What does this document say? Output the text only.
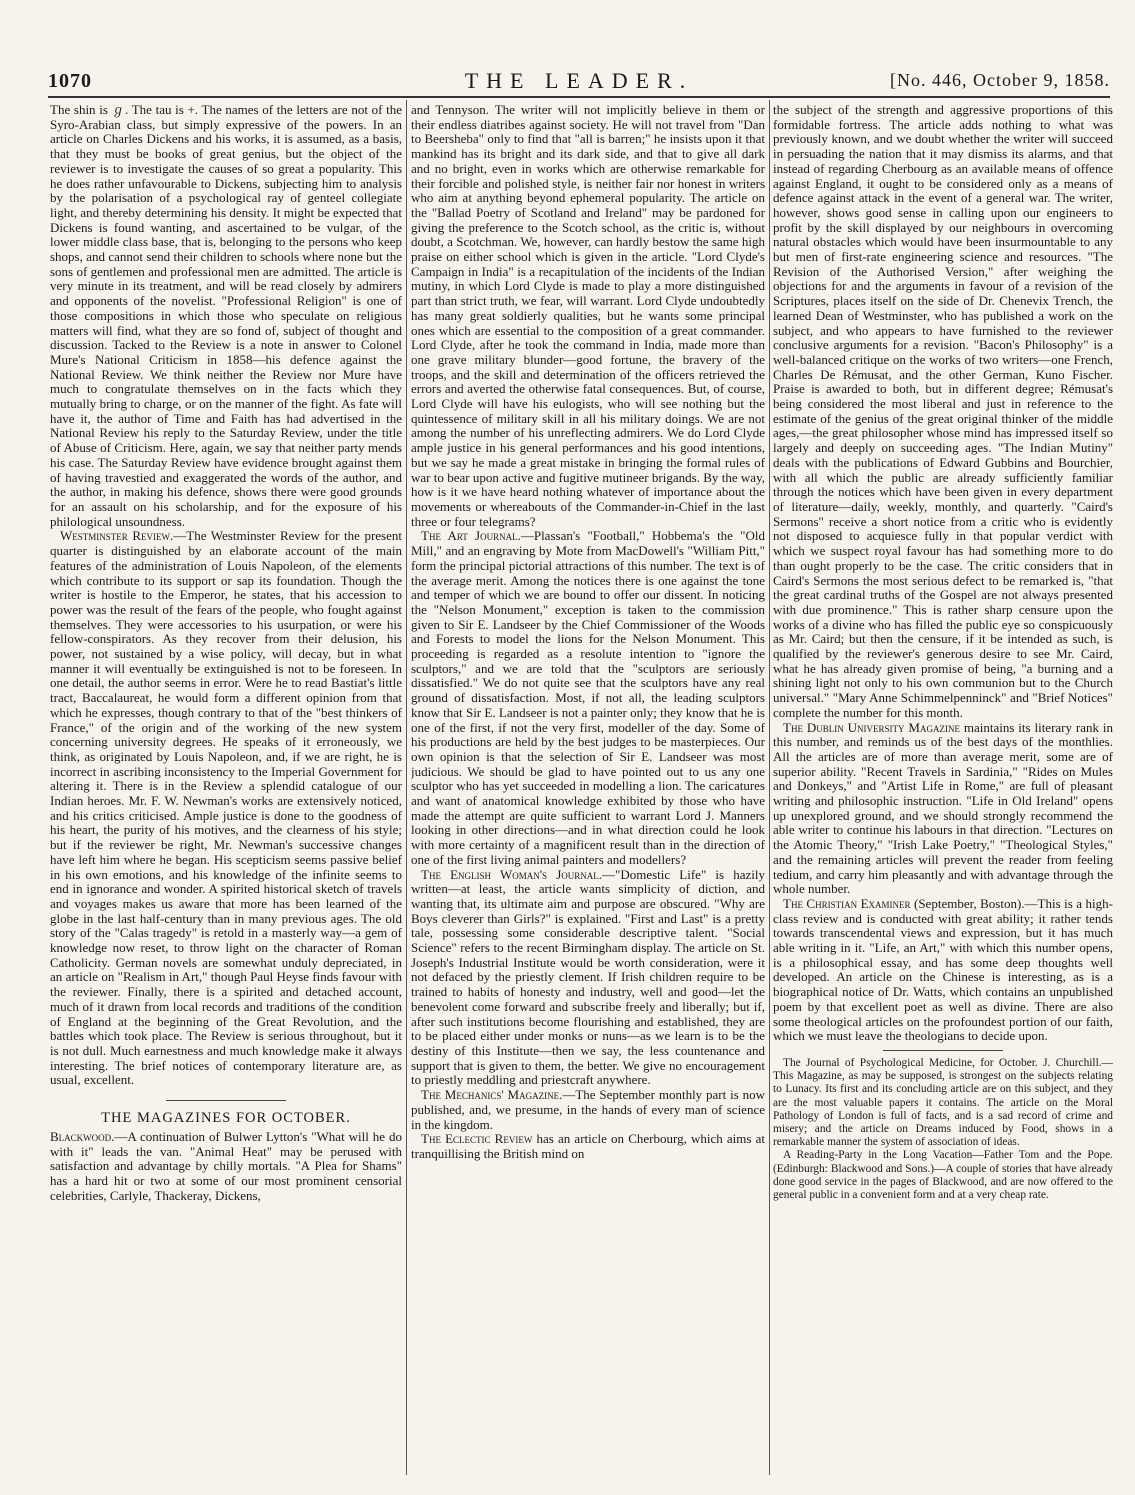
1070	THE LEADER.	[No. 446, October 9, 1858.

The shin is ℊ. The tau is +. The names of the letters are not of the Syro-Arabian class, but simply expressive of the powers. In an article on Charles Dickens and his works, it is assumed, as a basis, that they must be books of great genius, but the object of the reviewer is to investigate the causes of so great a popularity. This he does rather unfavourable to Dickens, subjecting him to analysis by the polarisation of a psychological ray of genteel collegiate light, and thereby determining his density. It might be expected that Dickens is found wanting, and ascertained to be vulgar, of the lower middle class base, that is, belonging to the persons who keep shops, and cannot send their children to schools where none but the sons of gentlemen and professional men are admitted. The article is very minute in its treatment, and will be read closely by admirers and opponents of the novelist. "Professional Religion" is one of those compositions in which those who speculate on religious matters will find, what they are so fond of, subject of thought and discussion. Tacked to the Review is a note in answer to Colonel Mure's National Criticism in 1858—his defence against the National Review. We think neither the Review nor Mure have much to congratulate themselves on in the facts which they mutually bring to charge, or on the manner of the fight. As fate will have it, the author of Time and Faith has had advertised in the National Review his reply to the Saturday Review, under the title of Abuse of Criticism. Here, again, we say that neither party mends his case. The Saturday Review have evidence brought against them of having travestied and exaggerated the words of the author, and the author, in making his defence, shows there were good grounds for an assault on his scholarship, and for the exposure of his philological unsoundness.

Westminster Review.—The Westminster Review for the present quarter is distinguished by an elaborate account of the main features of the administration of Louis Napoleon, of the elements which contribute to its support or sap its foundation. Though the writer is hostile to the Emperor, he states, that his accession to power was the result of the fears of the people, who fought against themselves. They were accessories to his usurpation, or were his fellow-conspirators. As they recover from their delusion, his power, not sustained by a wise policy, will decay, but in what manner it will eventually be extinguished is not to be foreseen. In one detail, the author seems in error. Were he to read Bastiat's little tract, Baccalaureat, he would form a different opinion from that which he expresses, though contrary to that of the "best thinkers of France," of the origin and of the working of the new system concerning university degrees. He speaks of it erroneously, we think, as originated by Louis Napoleon, and, if we are right, he is incorrect in ascribing inconsistency to the Imperial Government for altering it. There is in the Review a splendid catalogue of our Indian heroes. Mr. F. W. Newman's works are extensively noticed, and his critics criticised. Ample justice is done to the goodness of his heart, the purity of his motives, and the clearness of his style; but if the reviewer be right, Mr. Newman's successive changes have left him where he began. His scepticism seems passive belief in his own emotions, and his knowledge of the infinite seems to end in ignorance and wonder. A spirited historical sketch of travels and voyages makes us aware that more has been learned of the globe in the last half-century than in many previous ages. The old story of the "Calas tragedy" is retold in a masterly way—a gem of knowledge now reset, to throw light on the character of Roman Catholicity. German novels are somewhat unduly depreciated, in an article on "Realism in Art," though Paul Heyse finds favour with the reviewer. Finally, there is a spirited and detached account, much of it drawn from local records and traditions of the condition of England at the beginning of the Great Revolution, and the battles which took place. The Review is serious throughout, but it is not dull. Much earnestness and much knowledge make it always interesting. The brief notices of contemporary literature are, as usual, excellent.

THE MAGAZINES FOR OCTOBER.

Blackwood.—A continuation of Bulwer Lytton's "What will he do with it" leads the van. "Animal Heat" may be perused with satisfaction and advantage by chilly mortals. "A Plea for Shams" has a hard hit or two at some of our most prominent censorial celebrities, Carlyle, Thackeray, Dickens,

and Tennyson. The writer will not implicitly believe in them or their endless diatribes against society. He will not travel from "Dan to Beersheba" only to find that "all is barren;" he insists upon it that mankind has its bright and its dark side, and that to give all dark and no bright, even in works which are otherwise remarkable for their forcible and polished style, is neither fair nor honest in writers who aim at anything beyond ephemeral popularity. The article on the "Ballad Poetry of Scotland and Ireland" may be pardoned for giving the preference to the Scotch school, as the critic is, without doubt, a Scotchman. We, however, can hardly bestow the same high praise on either school which is given in the article. "Lord Clyde's Campaign in India" is a recapitulation of the incidents of the Indian mutiny, in which Lord Clyde is made to play a more distinguished part than strict truth, we fear, will warrant. Lord Clyde undoubtedly has many great soldierly qualities, but he wants some principal ones which are essential to the composition of a great commander. Lord Clyde, after he took the command in India, made more than one grave military blunder—good fortune, the bravery of the troops, and the skill and determination of the officers retrieved the errors and averted the otherwise fatal consequences. But, of course, Lord Clyde will have his eulogists, who will see nothing but the quintessence of military skill in all his military doings. We are not among the number of his unreflecting admirers. We do Lord Clyde ample justice in his general performances and his good intentions, but we say he made a great mistake in bringing the formal rules of war to bear upon active and fugitive mutineer brigands. By the way, how is it we have heard nothing whatever of importance about the movements or whereabouts of the Commander-in-Chief in the last three or four telegrams?

The Art Journal.—Plassan's "Football," Hobbema's the "Old Mill," and an engraving by Mote from MacDowell's "William Pitt," form the principal pictorial attractions of this number. The text is of the average merit. Among the notices there is one against the tone and temper of which we are bound to offer our dissent. In noticing the "Nelson Monument," exception is taken to the commission given to Sir E. Landseer by the Chief Commissioner of the Woods and Forests to model the lions for the Nelson Monument. This proceeding is regarded as a resolute intention to "ignore the sculptors," and we are told that the "sculptors are seriously dissatisfied." We do not quite see that the sculptors have any real ground of dissatisfaction. Most, if not all, the leading sculptors know that Sir E. Landseer is not a painter only; they know that he is one of the first, if not the very first, modeller of the day. Some of his productions are held by the best judges to be masterpieces. Our own opinion is that the selection of Sir E. Landseer was most judicious. We should be glad to have pointed out to us any one sculptor who has yet succeeded in modelling a lion. The caricatures and want of anatomical knowledge exhibited by those who have made the attempt are quite sufficient to warrant Lord J. Manners looking in other directions—and in what direction could he look with more certainty of a magnificent result than in the direction of one of the first living animal painters and modellers?

The English Woman's Journal.—"Domestic Life" is hazily written—at least, the article wants simplicity of diction, and wanting that, its ultimate aim and purpose are obscured. "Why are Boys cleverer than Girls?" is explained. "First and Last" is a pretty tale, possessing some considerable descriptive talent. "Social Science" refers to the recent Birmingham display. The article on St. Joseph's Industrial Institute would be worth consideration, were it not defaced by the priestly clement. If Irish children require to be trained to habits of honesty and industry, well and good—let the benevolent come forward and subscribe freely and liberally; but if, after such institutions become flourishing and established, they are to be placed either under monks or nuns—as we learn is to be the destiny of this Institute—then we say, the less countenance and support that is given to them, the better. We give no encouragement to priestly meddling and priestcraft anywhere.

The Mechanics' Magazine.—The September monthly part is now published, and, we presume, in the hands of every man of science in the kingdom.

The Eclectic Review has an article on Cherbourg, which aims at tranquillising the British mind on

the subject of the strength and aggressive proportions of this formidable fortress. The article adds nothing to what was previously known, and we doubt whether the writer will succeed in persuading the nation that it may dismiss its alarms, and that instead of regarding Cherbourg as an available means of offence against England, it ought to be considered only as a means of defence against attack in the event of a general war. The writer, however, shows good sense in calling upon our engineers to profit by the skill displayed by our neighbours in overcoming natural obstacles which would have been insurmountable to any but men of first-rate engineering science and resources. "The Revision of the Authorised Version," after weighing the objections for and the arguments in favour of a revision of the Scriptures, places itself on the side of Dr. Chenevix Trench, the learned Dean of Westminster, who has published a work on the subject, and who appears to have furnished to the reviewer conclusive arguments for a revision. "Bacon's Philosophy" is a well-balanced critique on the works of two writers—one French, Charles De Rémusat, and the other German, Kuno Fischer. Praise is awarded to both, but in different degree; Rémusat's being considered the most liberal and just in reference to the estimate of the genius of the great original thinker of the middle ages,—the great philosopher whose mind has impressed itself so largely and deeply on succeeding ages. "The Indian Mutiny" deals with the publications of Edward Gubbins and Bourchier, with all which the public are already sufficiently familiar through the notices which have been given in every department of literature—daily, weekly, monthly, and quarterly. "Caird's Sermons" receive a short notice from a critic who is evidently not disposed to acquiesce fully in that popular verdict with which we suspect royal favour has had something more to do than ought properly to be the case. The critic considers that in Caird's Sermons the most serious defect to be remarked is, "that the great cardinal truths of the Gospel are not always presented with due prominence." This is rather sharp censure upon the works of a divine who has filled the public eye so conspicuously as Mr. Caird; but then the censure, if it be intended as such, is qualified by the reviewer's generous desire to see Mr. Caird, what he has already given promise of being, "a burning and a shining light not only to his own communion but to the Church universal." "Mary Anne Schimmelpenninck" and "Brief Notices" complete the number for this month.

The Dublin University Magazine maintains its literary rank in this number, and reminds us of the best days of the monthlies. All the articles are of more than average merit, some are of superior ability. "Recent Travels in Sardinia," "Rides on Mules and Donkeys," and "Artist Life in Rome," are full of pleasant writing and philosophic instruction. "Life in Old Ireland" opens up unexplored ground, and we should strongly recommend the able writer to continue his labours in that direction. "Lectures on the Atomic Theory," "Irish Lake Poetry," "Theological Styles," and the remaining articles will prevent the reader from feeling tedium, and carry him pleasantly and with advantage through the whole number.

The Christian Examiner (September, Boston).—This is a high-class review and is conducted with great ability; it rather tends towards transcendental views and expression, but it has much able writing in it. "Life, an Art," with which this number opens, is a philosophical essay, and has some deep thoughts well developed. An article on the Chinese is interesting, as is a biographical notice of Dr. Watts, which contains an unpublished poem by that excellent poet as well as divine. There are also some theological articles on the profoundest portion of our faith, which we must leave the theologians to decide upon.

The Journal of Psychological Medicine, for October. J. Churchill.—This Magazine, as may be supposed, is strongest on the subjects relating to Lunacy. Its first and its concluding article are on this subject, and they are the most valuable papers it contains. The article on the Moral Pathology of London is full of facts, and is a sad record of crime and misery; and the article on Dreams induced by Food, shows in a remarkable manner the system of association of ideas.

A Reading-Party in the Long Vacation—Father Tom and the Pope. (Edinburgh: Blackwood and Sons.)—A couple of stories that have already done good service in the pages of Blackwood, and are now offered to the general public in a convenient form and at a very cheap rate.
